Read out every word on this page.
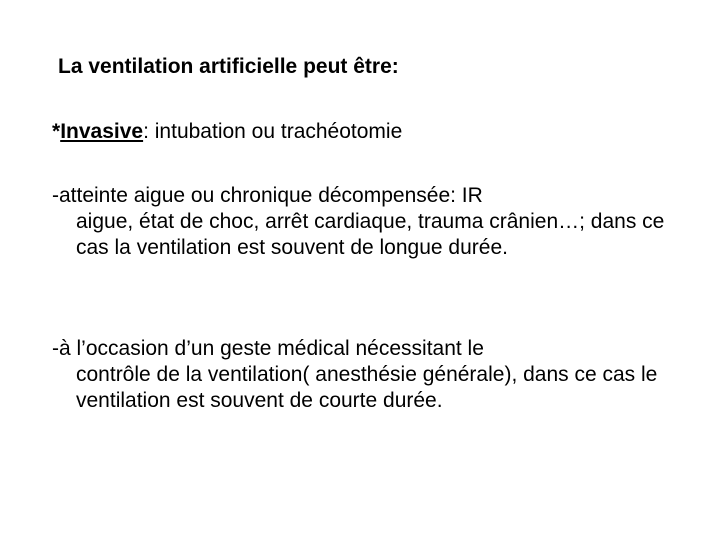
La ventilation artificielle peut être:
*Invasive: intubation ou trachéotomie
-atteinte aigue ou chronique décompensée: IR
aigue, état de choc, arrêt cardiaque, trauma crânien…; dans ce cas la ventilation est souvent de longue durée.
-à l’occasion d’un geste médical nécessitant le
contrôle de la ventilation( anesthésie générale), dans ce cas le ventilation est souvent de courte durée.
